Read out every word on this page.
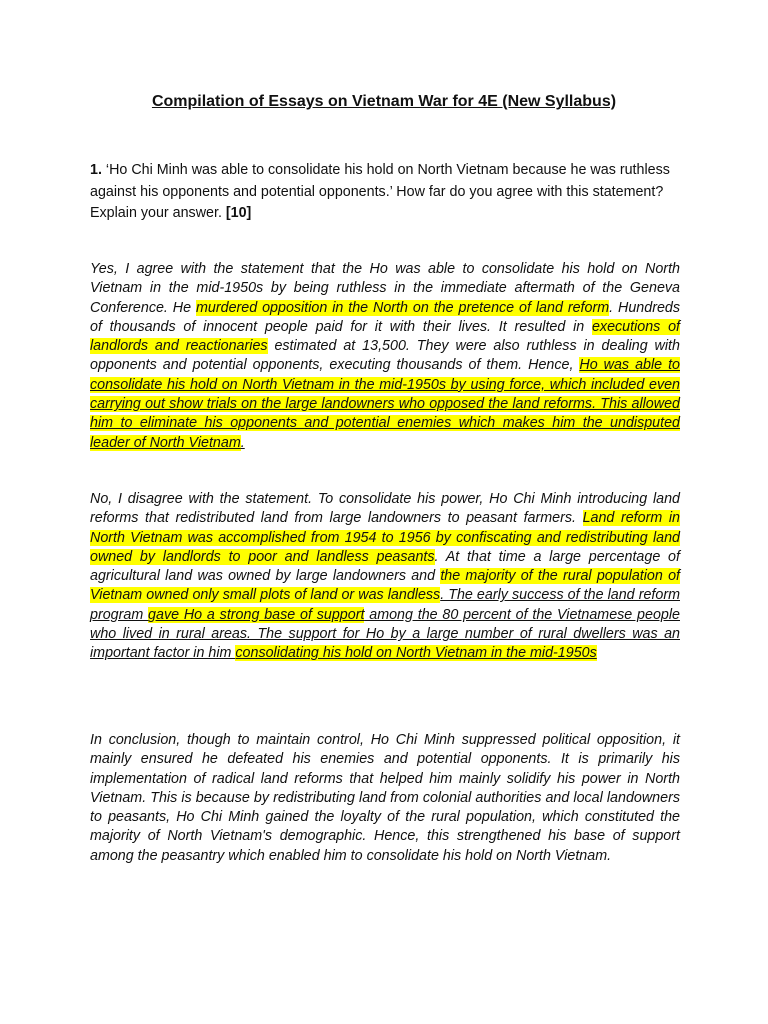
Compilation of Essays on Vietnam War for 4E (New Syllabus)

1. ‘Ho Chi Minh was able to consolidate his hold on North Vietnam because he was ruthless against his opponents and potential opponents.’ How far do you agree with this statement? Explain your answer. [10]

Yes, I agree with the statement that the Ho was able to consolidate his hold on North Vietnam in the mid-1950s by being ruthless in the immediate aftermath of the Geneva Conference. He murdered opposition in the North on the pretence of land reform. Hundreds of thousands of innocent people paid for it with their lives. It resulted in executions of landlords and reactionaries estimated at 13,500. They were also ruthless in dealing with opponents and potential opponents, executing thousands of them. Hence, Ho was able to consolidate his hold on North Vietnam in the mid-1950s by using force, which included even carrying out show trials on the large landowners who opposed the land reforms. This allowed him to eliminate his opponents and potential enemies which makes him the undisputed leader of North Vietnam.

No, I disagree with the statement. To consolidate his power, Ho Chi Minh introducing land reforms that redistributed land from large landowners to peasant farmers. Land reform in North Vietnam was accomplished from 1954 to 1956 by confiscating and redistributing land owned by landlords to poor and landless peasants. At that time a large percentage of agricultural land was owned by large landowners and the majority of the rural population of Vietnam owned only small plots of land or was landless. The early success of the land reform program gave Ho a strong base of support among the 80 percent of the Vietnamese people who lived in rural areas. The support for Ho by a large number of rural dwellers was an important factor in him consolidating his hold on North Vietnam in the mid-1950s

In conclusion, though to maintain control, Ho Chi Minh suppressed political opposition, it mainly ensured he defeated his enemies and potential opponents. It is primarily his implementation of radical land reforms that helped him mainly solidify his power in North Vietnam. This is because by redistributing land from colonial authorities and local landowners to peasants, Ho Chi Minh gained the loyalty of the rural population, which constituted the majority of North Vietnam's demographic. Hence, this strengthened his base of support among the peasantry which enabled him to consolidate his hold on North Vietnam.
